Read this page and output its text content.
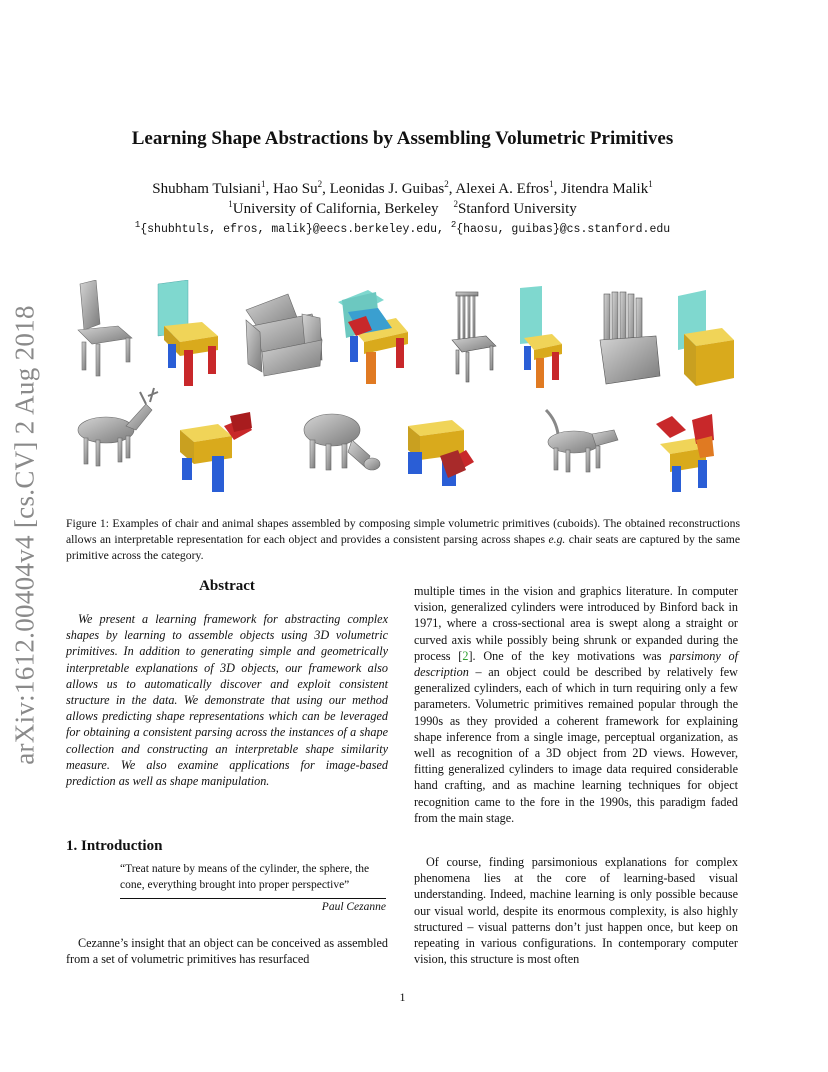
Learning Shape Abstractions by Assembling Volumetric Primitives
Shubham Tulsiani$^1$, Hao Su$^2$, Leonidas J. Guibas$^2$, Alexei A. Efros$^1$, Jitendra Malik$^1$
$^1$University of California, Berkeley $^2$Stanford University
$^1${shubhtuls, efros, malik}@eecs.berkeley.edu, $^2${haosu, guibas}@cs.stanford.edu
arXiv:1612.00404v4 [cs.CV] 2 Aug 2018 Figure 1: Examples of chair and animal shapes assembled by composing simple volumetric primitives (cuboids). The obtained reconstructions allows an interpretable representation for each object and provides a consistent parsing across shapes e.g. chair seats are captured by the same primitive across the category.
Abstract
We present a learning framework for abstracting complex shapes by learning to assemble objects using 3D volumetric primitives. In addition to generating simple and geometrically interpretable explanations of 3D objects, our framework also allows us to automatically discover and exploit consistent structure in the data. We demonstrate that using our method allows predicting shape representations which can be leveraged for obtaining a consistent parsing across the instances of a shape collection and constructing an interpretable shape similarity measure. We also examine applications for image-based prediction as well as shape manipulation.
1. Introduction
“Treat nature by means of the cylinder, the sphere, the cone, everything brought into proper perspective”
Paul Cezanne
Cezanne’s insight that an object can be conceived as assembled from a set of volumetric primitives has resurfaced
multiple times in the vision and graphics literature. In computer vision, generalized cylinders were introduced by Binford back in 1971, where a cross-sectional area is swept along a straight or curved axis while possibly being shrunk or expanded during the process [2]. One of the key motivations was parsimony of description – an object could be described by relatively few generalized cylinders, each of which in turn requiring only a few parameters. Volumetric primitives remained popular through the 1990s as they provided a coherent framework for explaining shape inference from a single image, perceptual organization, as well as recognition of a 3D object from 2D views. However, fitting generalized cylinders to image data required considerable hand crafting, and as machine learning techniques for object recognition came to the fore in the 1990s, this paradigm faded from the main stage.
Of course, finding parsimonious explanations for complex phenomena lies at the core of learning-based visual understanding. Indeed, machine learning is only possible because our visual world, despite its enormous complexity, is also highly structured – visual patterns don’t just happen once, but keep on repeating in various configurations. In contemporary computer vision, this structure is most often
1
